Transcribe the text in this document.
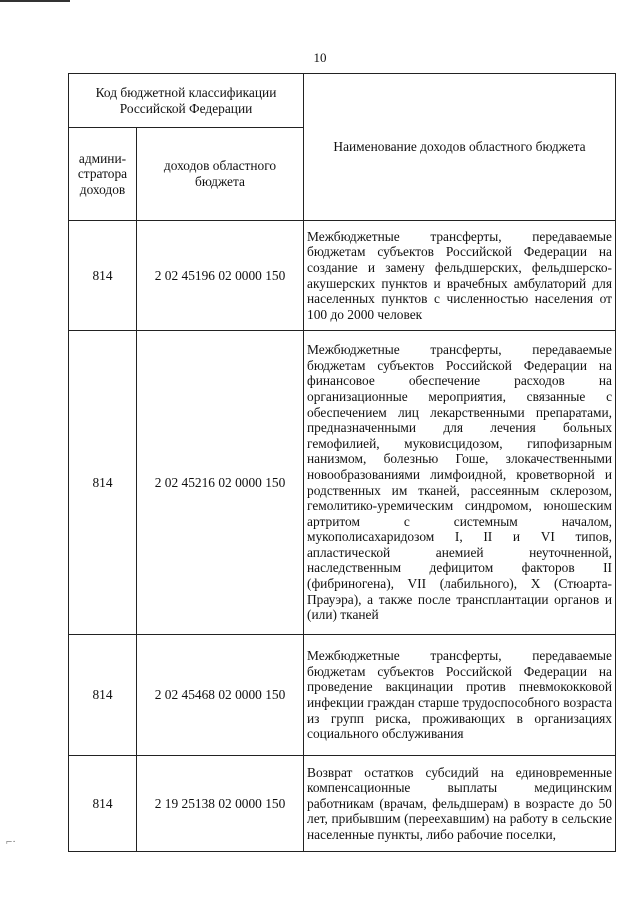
10
Код бюджетной классификации Российской Федерации		Наименование доходов областного бюджета
админи-стратора доходов	доходов областного бюджета	
814	2 02 45196 02 0000 150	Межбюджетные трансферты, передаваемые бюджетам субъектов Российской Федерации на создание и замену фельдшерских, фельдшерско-акушерских пунктов и врачебных амбулаторий для населенных пунктов с численностью населения от 100 до 2000 человек
814	2 02 45216 02 0000 150	Межбюджетные трансферты, передаваемые бюджетам субъектов Российской Федерации на финансовое обеспечение расходов на организационные мероприятия, связанные с обеспечением лиц лекарственными препаратами, предназначенными для лечения больных гемофилией, муковисцидозом, гипофизарным нанизмом, болезнью Гоше, злокачественными новообразованиями лимфоидной, кроветворной и родственных им тканей, рассеянным склерозом, гемолитико-уремическим синдромом, юношеским артритом с системным началом, мукополисахаридозом I, II и VI типов, апластической анемией неуточненной, наследственным дефицитом факторов II (фибриногена), VII (лабильного), X (Стюарта-Прауэра), а также после трансплантации органов и (или) тканей
814	2 02 45468 02 0000 150	Межбюджетные трансферты, передаваемые бюджетам субъектов Российской Федерации на проведение вакцинации против пневмококковой инфекции граждан старше трудоспособного возраста из групп риска, проживающих в организациях социального обслуживания
814	2 19 25138 02 0000 150	Возврат остатков субсидий на единовременные компенсационные выплаты медицинским работникам (врачам, фельдшерам) в возрасте до 50 лет, прибывшим (переехавшим) на работу в сельские населенные пункты, либо рабочие поселки,
⌐·
